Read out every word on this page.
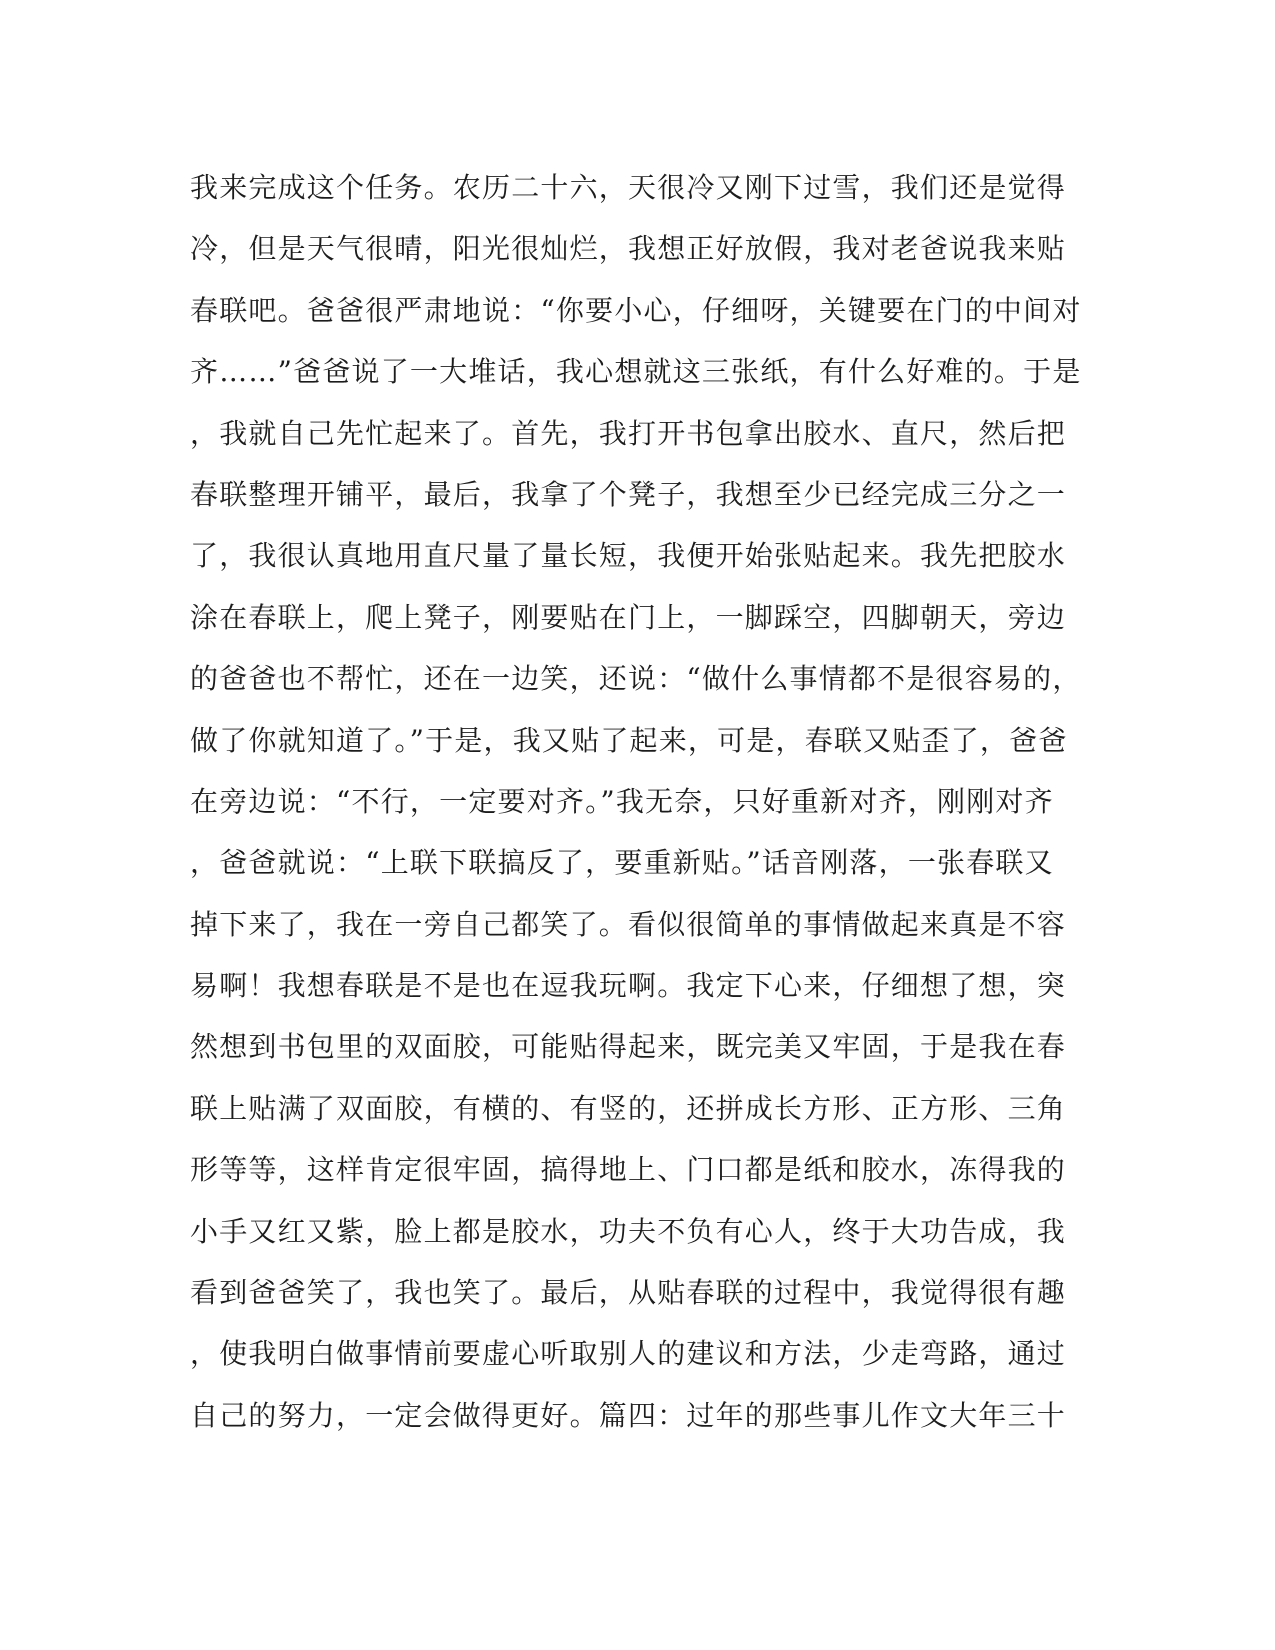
我来完成这个任务。农历二十六，天很冷又刚下过雪，我们还是觉得
冷，但是天气很晴，阳光很灿烂，我想正好放假，我对老爸说我来贴
春联吧。爸爸很严肃地说：“你要小心，仔细呀，关键要在门的中间对
齐……”爸爸说了一大堆话，我心想就这三张纸，有什么好难的。于是
，我就自己先忙起来了。首先，我打开书包拿出胶水、直尺，然后把
春联整理开铺平，最后，我拿了个凳子，我想至少已经完成三分之一
了，我很认真地用直尺量了量长短，我便开始张贴起来。我先把胶水
涂在春联上，爬上凳子，刚要贴在门上，一脚踩空，四脚朝天，旁边
的爸爸也不帮忙，还在一边笑，还说：“做什么事情都不是很容易的，
做了你就知道了。”于是，我又贴了起来，可是，春联又贴歪了，爸爸
在旁边说：“不行，一定要对齐。”我无奈，只好重新对齐，刚刚对齐
，爸爸就说：“上联下联搞反了，要重新贴。”话音刚落，一张春联又
掉下来了，我在一旁自己都笑了。看似很简单的事情做起来真是不容
易啊！我想春联是不是也在逗我玩啊。我定下心来，仔细想了想，突
然想到书包里的双面胶，可能贴得起来，既完美又牢固，于是我在春
联上贴满了双面胶，有横的、有竖的，还拼成长方形、正方形、三角
形等等，这样肯定很牢固，搞得地上、门口都是纸和胶水，冻得我的
小手又红又紫，脸上都是胶水，功夫不负有心人，终于大功告成，我
看到爸爸笑了，我也笑了。最后，从贴春联的过程中，我觉得很有趣
，使我明白做事情前要虚心听取别人的建议和方法，少走弯路，通过
自己的努力，一定会做得更好。篇四：过年的那些事儿作文大年三十
